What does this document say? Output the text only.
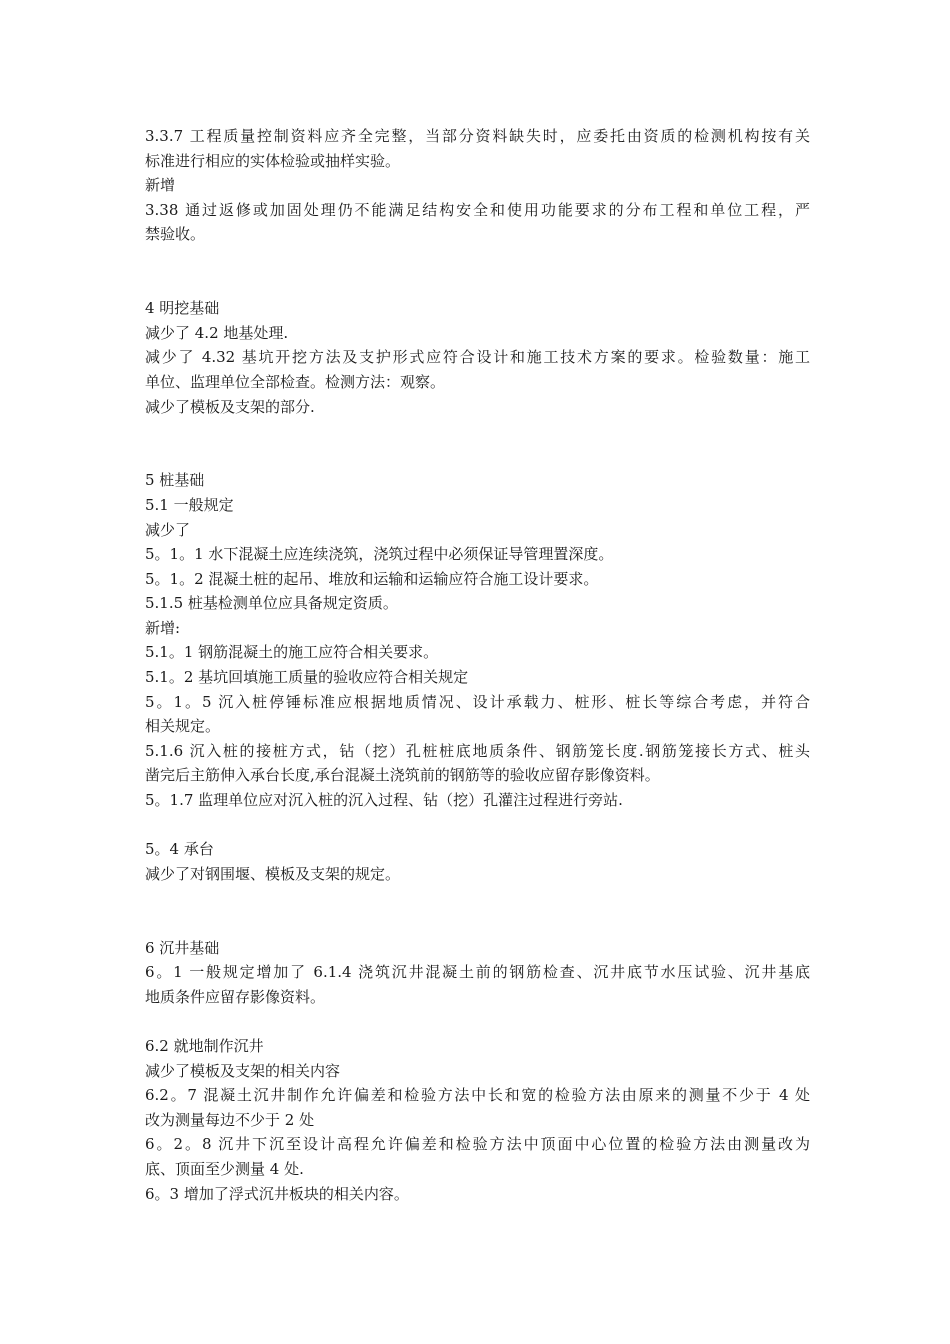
3.3.7 工程质量控制资料应齐全完整，当部分资料缺失时，应委托由资质的检测机构按有关
标准进行相应的实体检验或抽样实验。
新增
3.38 通过返修或加固处理仍不能满足结构安全和使用功能要求的分布工程和单位工程，严
禁验收。
4 明挖基础
减少了 4.2 地基处理.
减少了 4.32 基坑开挖方法及支护形式应符合设计和施工技术方案的要求。检验数量：施工
单位、监理单位全部检查。检测方法：观察。
减少了模板及支架的部分.
5 桩基础
5.1 一般规定
减少了
5。1。1 水下混凝土应连续浇筑，浇筑过程中必须保证导管理置深度。
5。1。2 混凝土桩的起吊、堆放和运输和运输应符合施工设计要求。
5.1.5 桩基检测单位应具备规定资质。
新增:
5.1。1 钢筋混凝土的施工应符合相关要求。
5.1。2 基坑回填施工质量的验收应符合相关规定
5。1。5 沉入桩停锤标准应根据地质情况、设计承载力、桩形、桩长等综合考虑，并符合
相关规定。
5.1.6 沉入桩的接桩方式，钻（挖）孔桩桩底地质条件、钢筋笼长度.钢筋笼接长方式、桩头
凿完后主筋伸入承台长度,承台混凝土浇筑前的钢筋等的验收应留存影像资料。
5。1.7 监理单位应对沉入桩的沉入过程、钻（挖）孔灌注过程进行旁站.
5。4 承台
减少了对钢围堰、模板及支架的规定。
6 沉井基础
6。1 一般规定增加了 6.1.4 浇筑沉井混凝土前的钢筋检查、沉井底节水压试验、沉井基底
地质条件应留存影像资料。
6.2 就地制作沉井
减少了模板及支架的相关内容
6.2。7 混凝土沉井制作允许偏差和检验方法中长和宽的检验方法由原来的测量不少于 4 处
改为测量每边不少于 2 处
6。2。8 沉井下沉至设计高程允许偏差和检验方法中顶面中心位置的检验方法由测量改为
底、顶面至少测量 4 处.
6。3 增加了浮式沉井板块的相关内容。
